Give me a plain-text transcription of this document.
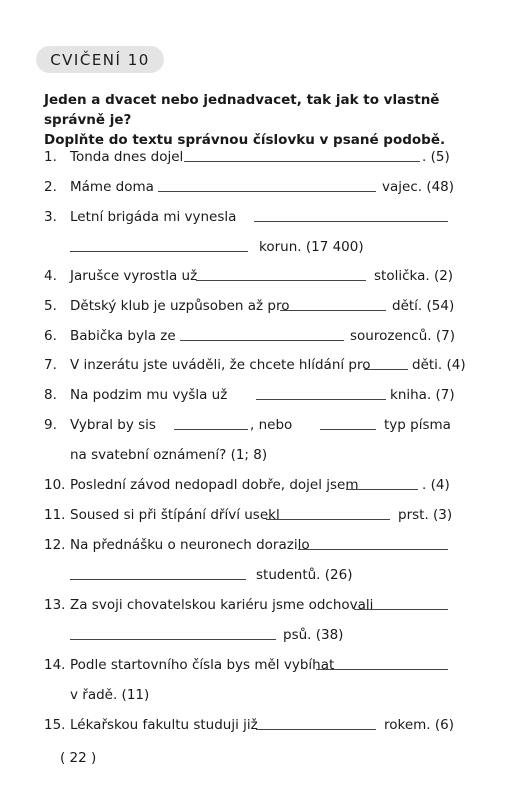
CVIČENÍ 10
Jeden a dvacet nebo jednadvacet, tak jak to vlastně správně je?
Doplňte do textu správnou číslovku v psané podobě.
1. Tonda dnes dojel	. (5)
2. Máme doma	vajec. (48)
3. Letní brigáda mi vynesla
korun. (17 400)
4. Jarušce vyrostla už	stolička. (2)
5. Dětský klub je uzpůsoben až pro	dětí. (54)
6. Babička byla ze	sourozenců. (7)
7. V inzerátu jste uváděli, že chcete hlídání pro	děti. (4)
8. Na podzim mu vyšla už	kniha. (7)
9. Vybral by sis	, nebo	typ písma
na svatební oznámení? (1; 8)
10. Poslední závod nedopadl dobře, dojel jsem	. (4)
11. Soused si při štípání dříví usekl	prst. (3)
12. Na přednášku o neuronech dorazilo
studentů. (26)
13. Za svoji chovatelskou kariéru jsme odchovali
psů. (38)
14. Podle startovního čísla bys měl vybíhat
v řadě. (11)
15. Lékařskou fakultu studuji již	rokem. (6)
( 22 )
